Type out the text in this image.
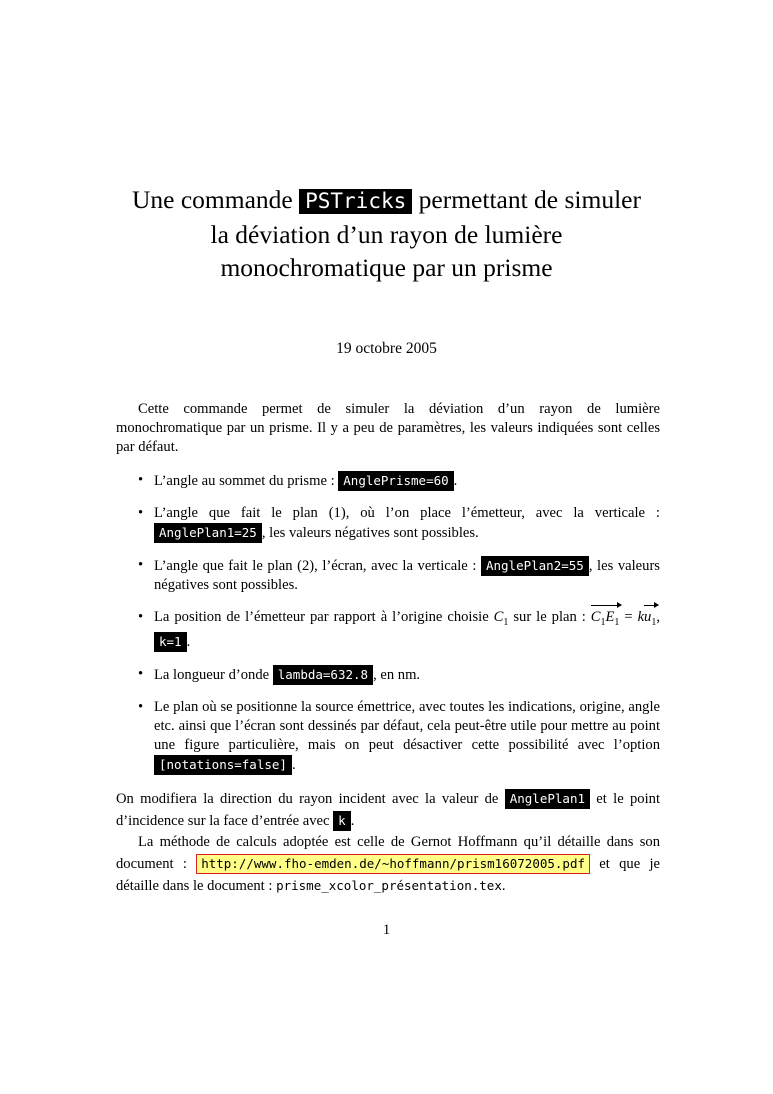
Une commande PSTricks permettant de simuler
la déviation d’un rayon de lumière
monochromatique par un prisme
19 octobre 2005

Cette commande permet de simuler la déviation d’un rayon de lumière monochromatique par un prisme. Il y a peu de paramètres, les valeurs indiquées sont celles par défaut.

• L’angle au sommet du prisme : AnglePrisme=60 .
• L’angle que fait le plan (1), où l’on place l’émetteur, avec la verticale : AnglePlan1=25 , les valeurs négatives sont possibles.
• L’angle que fait le plan (2), l’écran, avec la verticale : AnglePlan2=55 , les valeurs négatives sont possibles.
• La position de l’émetteur par rapport à l’origine choisie $C_1$ sur le plan : $C_1E_1 = ku_1$, k=1 .
• La longueur d’onde lambda=632.8 , en nm.
• Le plan où se positionne la source émettrice, avec toutes les indications, origine, angle etc. ainsi que l’écran sont dessinés par défaut, cela peut-être utile pour mettre au point une figure particulière, mais on peut désactiver cette possibilité avec l’option [notations=false] .

On modifiera la direction du rayon incident avec la valeur de AnglePlan1 et le point d’incidence sur la face d’entrée avec k .

La méthode de calculs adoptée est celle de Gernot Hoffmann qu’il détaille dans son document : http://www.fho-emden.de/~hoffmann/prism16072005.pdf et que je détaille dans le document : prisme_xcolor_présentation.tex.

1
